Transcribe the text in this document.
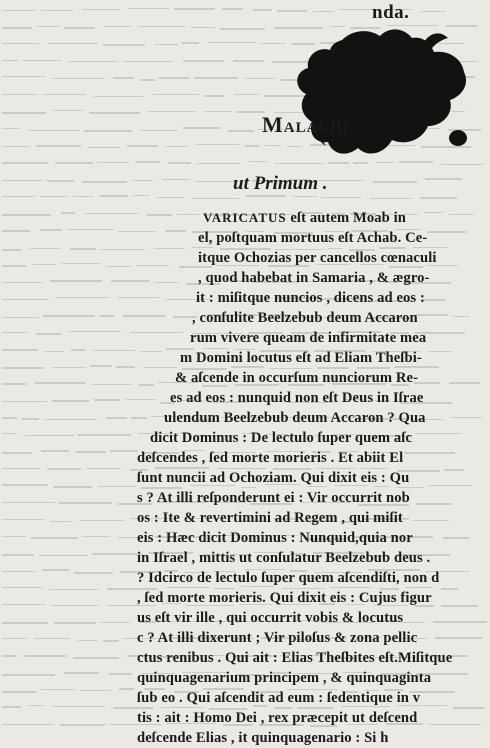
nda.
Malachi
ut Primum .
VARICATUS eſt autem Moab in
el, poſtquam mortuus eſt Achab. Ce-
itque Ochozias per cancellos cœnaculi
, quod habebat in Samaria , & ægro-
it : miſitque nuncios , dicens ad eos :
, conſulite Beelzebub deum Accaron
rum vivere queam de infirmitate mea
m Domini locutus eſt ad Eliam Theſbi-
& aſcende in occurſum nunciorum Re-
es ad eos : nunquid non eſt Deus in Iſrae
ulendum Beelzebub deum Accaron ? Qua
dicit Dominus : De lectulo ſuper quem aſc
deſcendes , ſed morte morieris . Et abiit El
ſunt nuncii ad Ochoziam. Qui dixit eis : Qu
s ? At illi reſponderunt ei : Vir occurrit nob
os : Ite & revertimini ad Regem , qui miſit
eis : Hæc dicit Dominus : Nunquid,quia nor
in Iſrael , mittis ut conſulatur Beelzebub deus .
? Idcirco de lectulo ſuper quem aſcendiſti, non d
, ſed morte morieris. Qui dixit eis : Cujus figur
us eſt vir ille , qui occurrit vobis & locutus
c ? At illi dixerunt ; Vir piloſus & zona pellic
ctus renibus . Qui ait : Elias Theſbites eſt.Miſitque
quinquagenarium principem , & quinquaginta
ſub eo . Qui aſcendit ad eum : ſedentique in v
tis : ait : Homo Dei , rex præcepit ut deſcend
deſcende Elias , it quinquagenario : Si h
